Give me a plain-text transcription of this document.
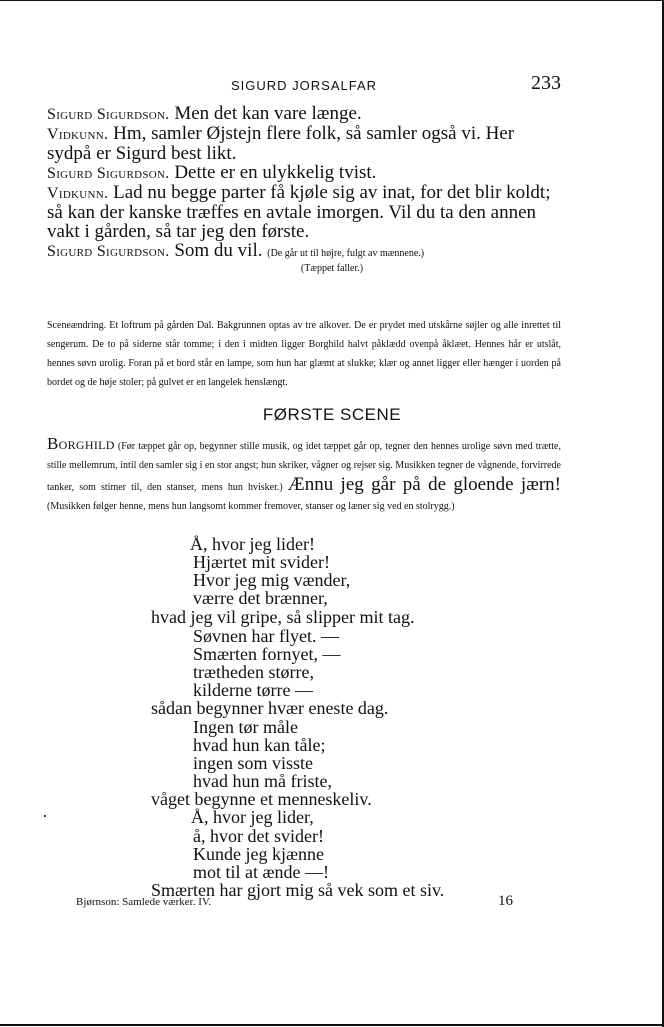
SIGURD JORSALFAR	233

Sigurd Sigurdson. Men det kan vare længe.

Vidkunn. Hm, samler Øjstejn flere folk, så samler også vi. Her sydpå er Sigurd best likt.

Sigurd Sigurdson. Dette er en ulykkelig tvist.

Vidkunn. Lad nu begge parter få kjøle sig av inat, for det blir koldt; så kan der kanske træffes en avtale imorgen. Vil du ta den annen vakt i gården, så tar jeg den første.

Sigurd Sigurdson. Som du vil. (De går ut til højre, fulgt av mænnene.)

(Tæppet faller.)
Sceneændring. Et loftrum på gården Dal. Bakgrunnen optas av tre alkover. De er prydet med utskårne søjler og alle inrettet til sengerum. De to på siderne står tomme; i den i midten ligger Borghild halvt påklædd ovenpå åklæet. Hennes hår er utslåt, hennes søvn urolig. Foran på et bord står en lampe, som hun har glæmt at slukke; klær og annet ligger eller hænger i uorden på bordet og de høje stoler; på gulvet er en langelek henslængt.
FØRSTE SCENE
Borghild (Før tæppet går op, begynner stille musik, og idet tæppet går op, tegner den hennes urolige søvn med trætte, stille mellemrum, intil den samler sig i en stor angst; hun skriker, vågner og rejser sig. Musikken tegner de vågnende, forvirrede tanker, som stimer til, den stanser, mens hun hvisker.) Ænnu jeg går på de gloende jærn! (Musikken følger henne, mens hun langsomt kommer fremover, stanser og læner sig ved en stolrygg.)
Å, hvor jeg lider!
Hjærtet mit svider!
Hvor jeg mig vænder,
værre det brænner,
hvad jeg vil gripe, så slipper mit tag.
Søvnen har flyet. —
Smærten fornyet, —
trætheden større,
kilderne tørre —
sådan begynner hvær eneste dag.
Ingen tør måle
hvad hun kan tåle;
ingen som visste
hvad hun må friste,
våget begynne et menneskeliv.
Å, hvor jeg lider,
å, hvor det svider!
Kunde jeg kjænne
mot til at ænde —!
Smærten har gjort mig så vek som et siv.
Bjørnson: Samlede værker. IV.	16
